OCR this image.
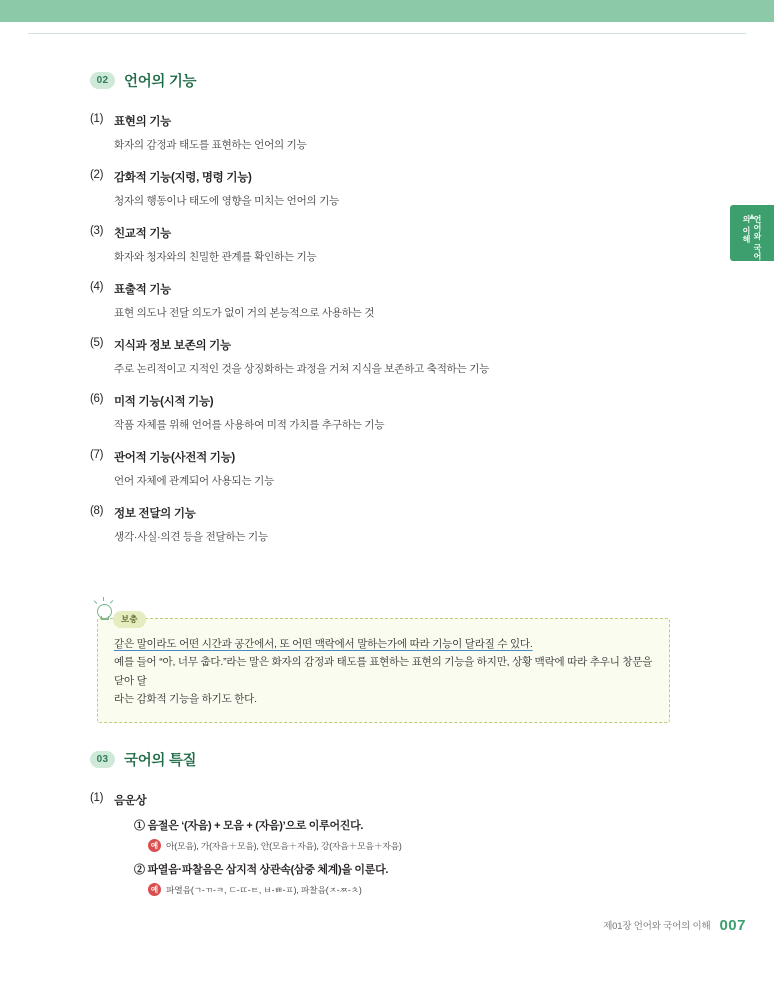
▲
언어와 국어의 이해
02	언어의 기능
(1) 표현의 기능
화자의 감정과 태도를 표현하는 언어의 기능
(2) 감화적 기능(지령, 명령 기능)
청자의 행동이나 태도에 영향을 미치는 언어의 기능
(3) 친교적 기능
화자와 청자와의 친밀한 관계를 확인하는 기능
(4) 표출적 기능
표현 의도나 전달 의도가 없이 거의 본능적으로 사용하는 것
(5) 지식과 정보 보존의 기능
주로 논리적이고 지적인 것을 상징화하는 과정을 거쳐 지식을 보존하고 축적하는 기능
(6) 미적 기능(시적 기능)
작품 자체를 위해 언어를 사용하여 미적 가치를 추구하는 기능
(7) 관어적 기능(사전적 기능)
언어 자체에 관계되어 사용되는 기능
(8) 정보 전달의 기능
생각·사실·의견 등을 전달하는 기능
보충
같은 말이라도 어떤 시간과 공간에서, 또 어떤 맥락에서 말하는가에 따라 기능이 달라질 수 있다.
예를 들어 “아, 너무 춥다.”라는 말은 화자의 감정과 태도를 표현하는 표현의 기능을 하지만, 상황 맥락에 따라 추우니 창문을 닫아 달
라는 감화적 기능을 하기도 한다.
03	국어의 특질
(1) 음운상
① 음절은 ‘(자음) + 모음 + (자음)’으로 이루어진다.
예 아(모음), 가(자음＋모음), 안(모음＋자음), 강(자음＋모음＋자음)
② 파열음·파찰음은 삼지적 상관속(삼중 체계)을 이룬다.
예 파열음(ㄱ-ㄲ-ㅋ, ㄷ-ㄸ-ㅌ, ㅂ-ㅃ-ㅍ), 파찰음(ㅈ-ㅉ-ㅊ)
제01장 언어와 국어의 이해 007
